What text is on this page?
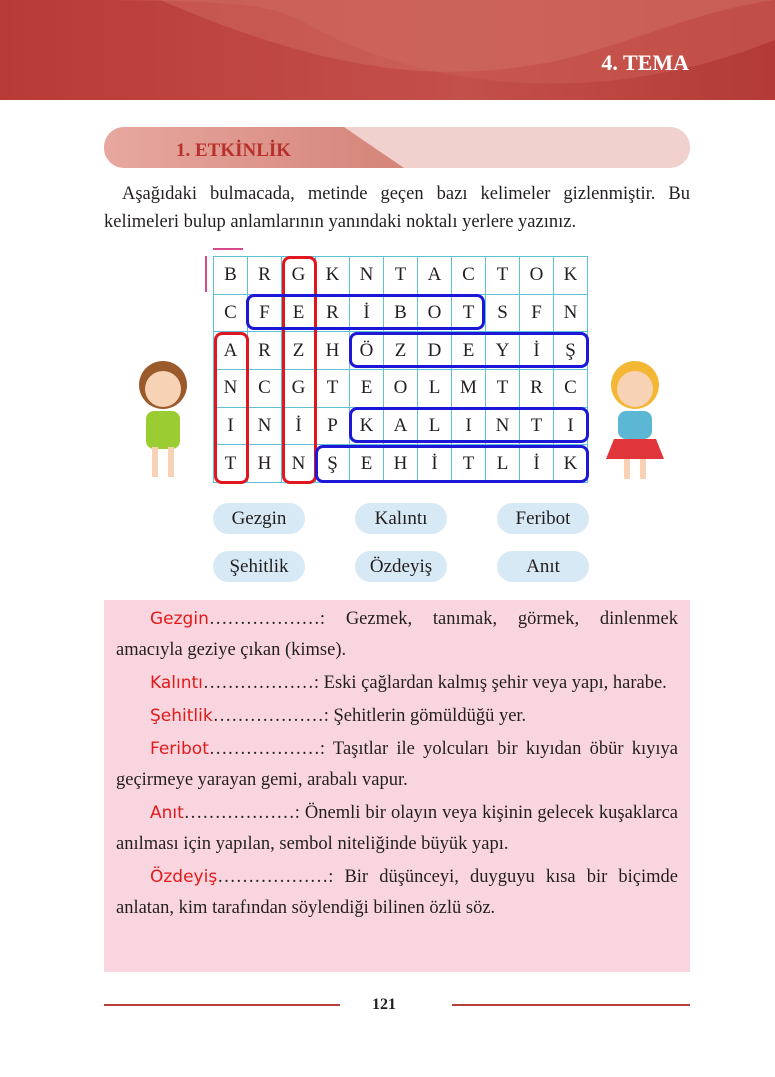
4. TEMA
1. ETKİNLİK
Aşağıdaki bulmacada, metinde geçen bazı kelimeler gizlenmiştir. Bu kelimeleri bulup anlamlarının yanındaki noktalı yerlere yazınız.
B	R	G	K	N	T	A	C	T	O	K
C	F	E	R	İ	B	O	T	S	F	N
A	R	Z	H	Ö	Z	D	E	Y	İ	Ş
N	C	G	T	E	O	L	M	T	R	C
I	N	İ	P	K	A	L	I	N	T	I
T	H	N	Ş	E	H	İ	T	L	İ	K
Gezgin	Kalıntı	Feribot
Şehitlik	Özdeyiş	Anıt
Gezgin………………: Gezmek, tanımak, görmek, dinlenmek amacıyla geziye çıkan (kimse).
Kalıntı………………: Eski çağlardan kalmış şehir veya yapı, harabe.
Şehitlik………………: Şehitlerin gömüldüğü yer.
Feribot………………: Taşıtlar ile yolcuları bir kıyıdan öbür kıyıya geçirmeye yarayan gemi, arabalı vapur.
Anıt………………: Önemli bir olayın veya kişinin gelecek kuşaklarca anılması için yapılan, sembol niteliğinde büyük yapı.
Özdeyiş………………: Bir düşünceyi, duyguyu kısa bir biçimde anlatan, kim tarafından söylendiği bilinen özlü söz.
121
